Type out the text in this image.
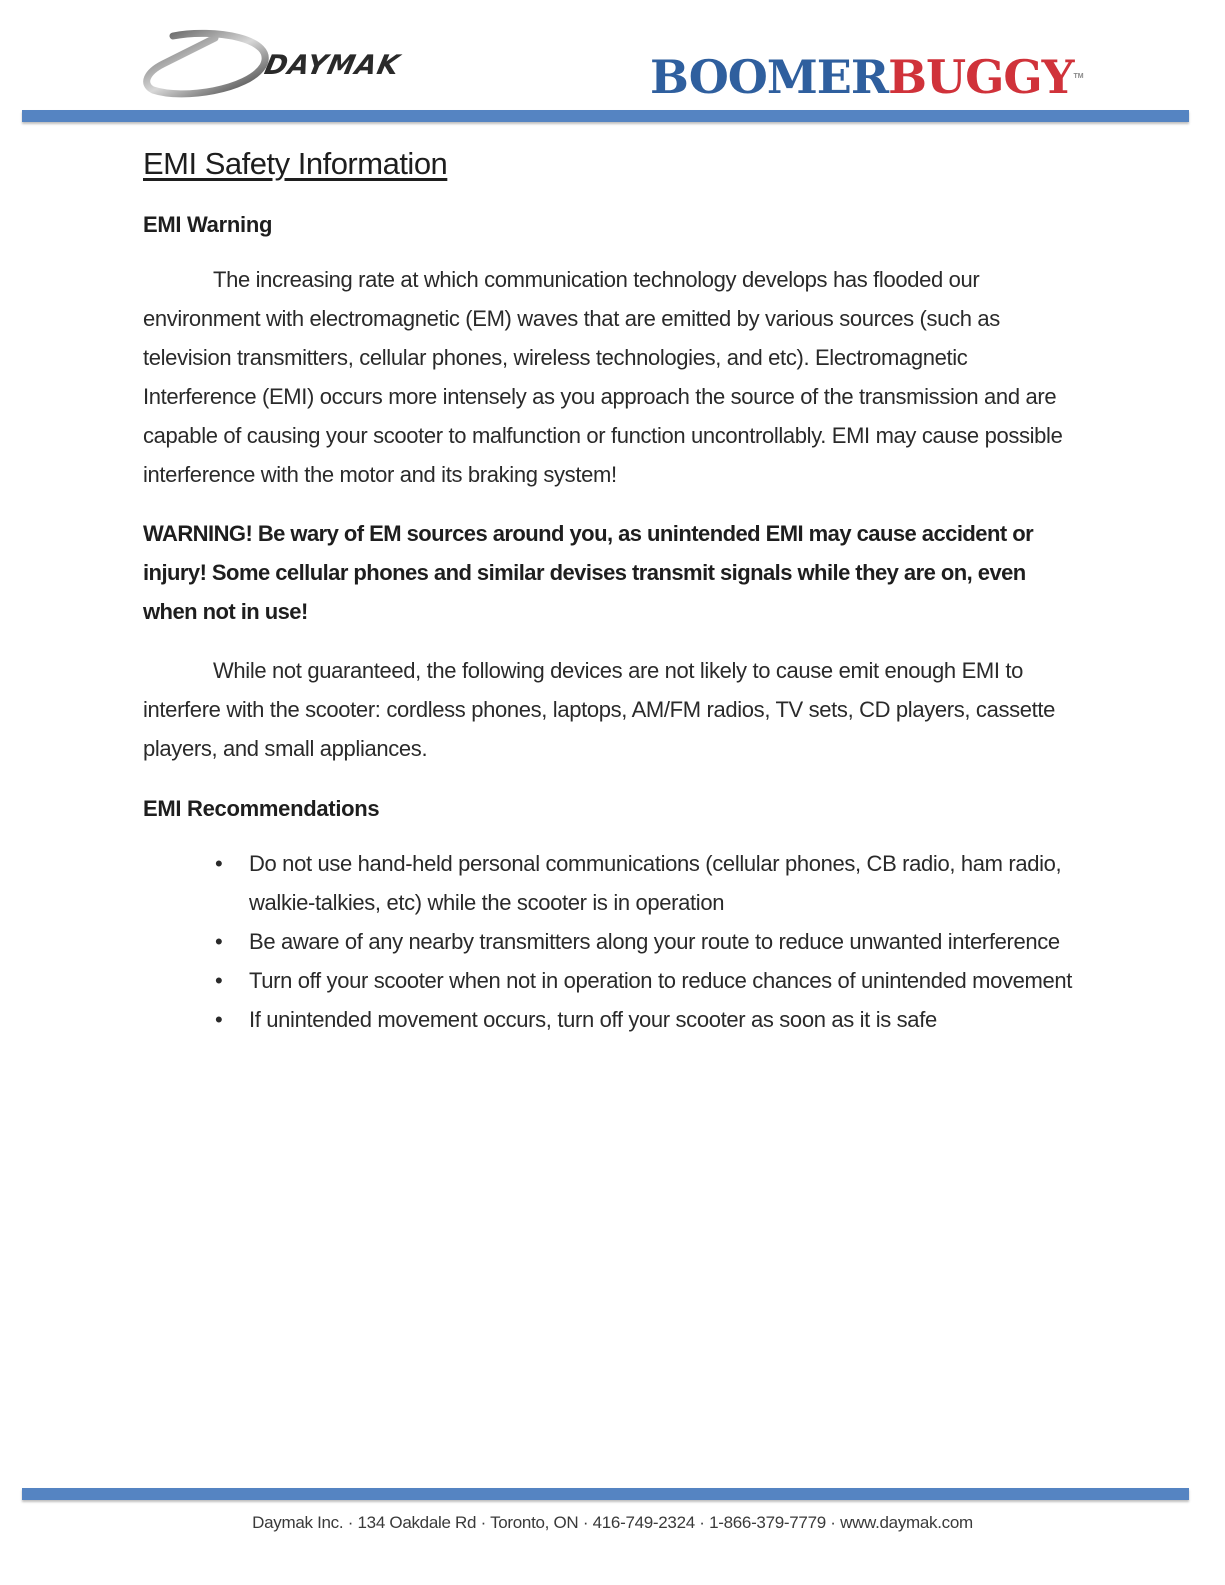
DAYMAK	BOOMERBUGGYTM
EMI Safety Information
EMI Warning

The increasing rate at which communication technology develops has flooded our environment with electromagnetic (EM) waves that are emitted by various sources (such as television transmitters, cellular phones, wireless technologies, and etc). Electromagnetic Interference (EMI) occurs more intensely as you approach the source of the transmission and are capable of causing your scooter to malfunction or function uncontrollably. EMI may cause possible interference with the motor and its braking system!

WARNING! Be wary of EM sources around you, as unintended EMI may cause accident or injury! Some cellular phones and similar devises transmit signals while they are on, even when not in use!

While not guaranteed, the following devices are not likely to cause emit enough EMI to interfere with the scooter: cordless phones, laptops, AM/FM radios, TV sets, CD players, cassette players, and small appliances.

EMI Recommendations
• Do not use hand-held personal communications (cellular phones, CB radio, ham radio, walkie-talkies, etc) while the scooter is in operation
• Be aware of any nearby transmitters along your route to reduce unwanted interference
• Turn off your scooter when not in operation to reduce chances of unintended movement
• If unintended movement occurs, turn off your scooter as soon as it is safe
Daymak Inc. · 134 Oakdale Rd · Toronto, ON · 416-749-2324 · 1-866-379-7779 · www.daymak.com
